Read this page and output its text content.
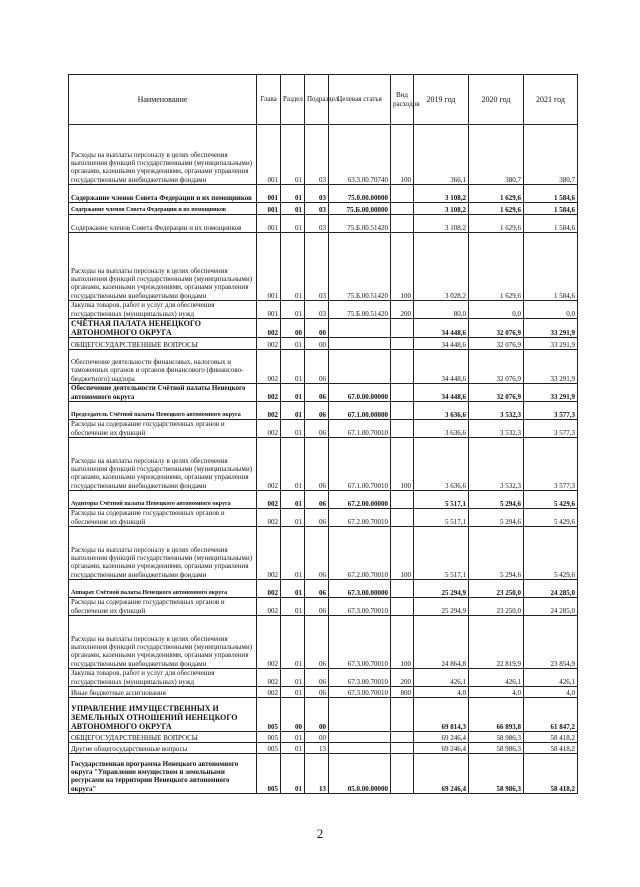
Наименование	Глава	Раздел	Подраздел	Целевая статья	Вид расходов	2019 год	2020 год	2021 год
Расходы на выплаты персоналу в целях обеспечения выполнения функций государственными (муниципальными) органами, казенными учреждениями, органами управления государственными внебюджетными фондами	001	01	03	63.3.00.70740	100	366,1	380,7	380,7
Содержание членов Совета Федерации и их помощников	001	01	03	75.0.00.00000		3 108,2	1 629,6	1 584,6
Содержание членов Совета Федерации и их помощников	001	01	03	75.Б.00.00000		3 108,2	1 629,6	1 584,6
Содержание членов Совета Федерации и их помощников	001	01	03	75.Б.00.51420		3 108,2	1 629,6	1 584,6
Расходы на выплаты персоналу в целях обеспечения выполнения функций государственными (муниципальными) органами, казенными учреждениями, органами управления государственными внебюджетными фондами	001	01	03	75.Б.00.51420	100	3 028,2	1 629,6	1 584,6
Закупка товаров, работ и услуг для обеспечения государственных (муниципальных) нужд	001	01	03	75.Б.00.51420	200	80,0	0,0	0,0
СЧЁТНАЯ ПАЛАТА НЕНЕЦКОГО АВТОНОМНОГО ОКРУГА	002	00	00			34 448,6	32 076,9	33 291,9
ОБЩЕГОСУДАРСТВЕННЫЕ ВОПРОСЫ	002	01	00			34 448,6	32 076,9	33 291,9
Обеспечение деятельности финансовых, налоговых и таможенных органов и органов финансового (финансово-бюджетного) надзора	002	01	06			34 448,6	32 076,9	33 291,9
Обеспечение деятельности Счётной палаты Ненецкого автономного округа	002	01	06	67.0.00.00000		34 448,6	32 076,9	33 291,9
Председатель Счётной палаты Ненецкого автономного округа	002	01	06	67.1.00.00000		3 636,6	3 532,3	3 577,3
Расходы на содержание государственных органов и обеспечение их функций	002	01	06	67.1.00.70010		3 636,6	3 532,3	3 577,3
Расходы на выплаты персоналу в целях обеспечения выполнения функций государственными (муниципальными) органами, казенными учреждениями, органами управления государственными внебюджетными фондами	002	01	06	67.1.00.70010	100	3 636,6	3 532,3	3 577,3
Аудиторы Счётной палаты Ненецкого автономного округа	002	01	06	67.2.00.00000		5 517,1	5 294,6	5 429,6
Расходы на содержание государственных органов и обеспечение их функций	002	01	06	67.2.00.70010		5 517,1	5 294,6	5 429,6
Расходы на выплаты персоналу в целях обеспечения выполнения функций государственными (муниципальными) органами, казенными учреждениями, органами управления государственными внебюджетными фондами	002	01	06	67.2.00.70010	100	5 517,1	5 294,6	5 429,6
Аппарат Счётной палаты Ненецкого автономного округа	002	01	06	67.3.00.00000		25 294,9	23 250,0	24 285,0
Расходы на содержание государственных органов и обеспечение их функций	002	01	06	67.3.00.70010		25 294,9	23 250,0	24 285,0
Расходы на выплаты персоналу в целях обеспечения выполнения функций государственными (муниципальными) органами, казенными учреждениями, органами управления государственными внебюджетными фондами	002	01	06	67.3.00.70010	100	24 864,8	22 819,9	23 854,9
Закупка товаров, работ и услуг для обеспечения государственных (муниципальных) нужд	002	01	06	67.3.00.70010	200	426,1	426,1	426,1
Иные бюджетные ассигнования	002	01	06	67.3.00.70010	800	4,0	4,0	4,0
УПРАВЛЕНИЕ ИМУЩЕСТВЕННЫХ И ЗЕМЕЛЬНЫХ ОТНОШЕНИЙ НЕНЕЦКОГО АВТОНОМНОГО ОКРУГА	005	00	00			69 814,3	66 893,8	61 847,2
ОБЩЕГОСУДАРСТВЕННЫЕ ВОПРОСЫ	005	01	00			69 246,4	58 986,3	58 418,2
Другие общегосударственные вопросы	005	01	13			69 246,4	58 986,3	58 418,2
Государственная программа Ненецкого автономного округа "Управление имуществом и земельными ресурсами на территории Ненецкого автономного округа"	005	01	13	05.0.00.00000		69 246,4	58 986,3	58 418,2
2
